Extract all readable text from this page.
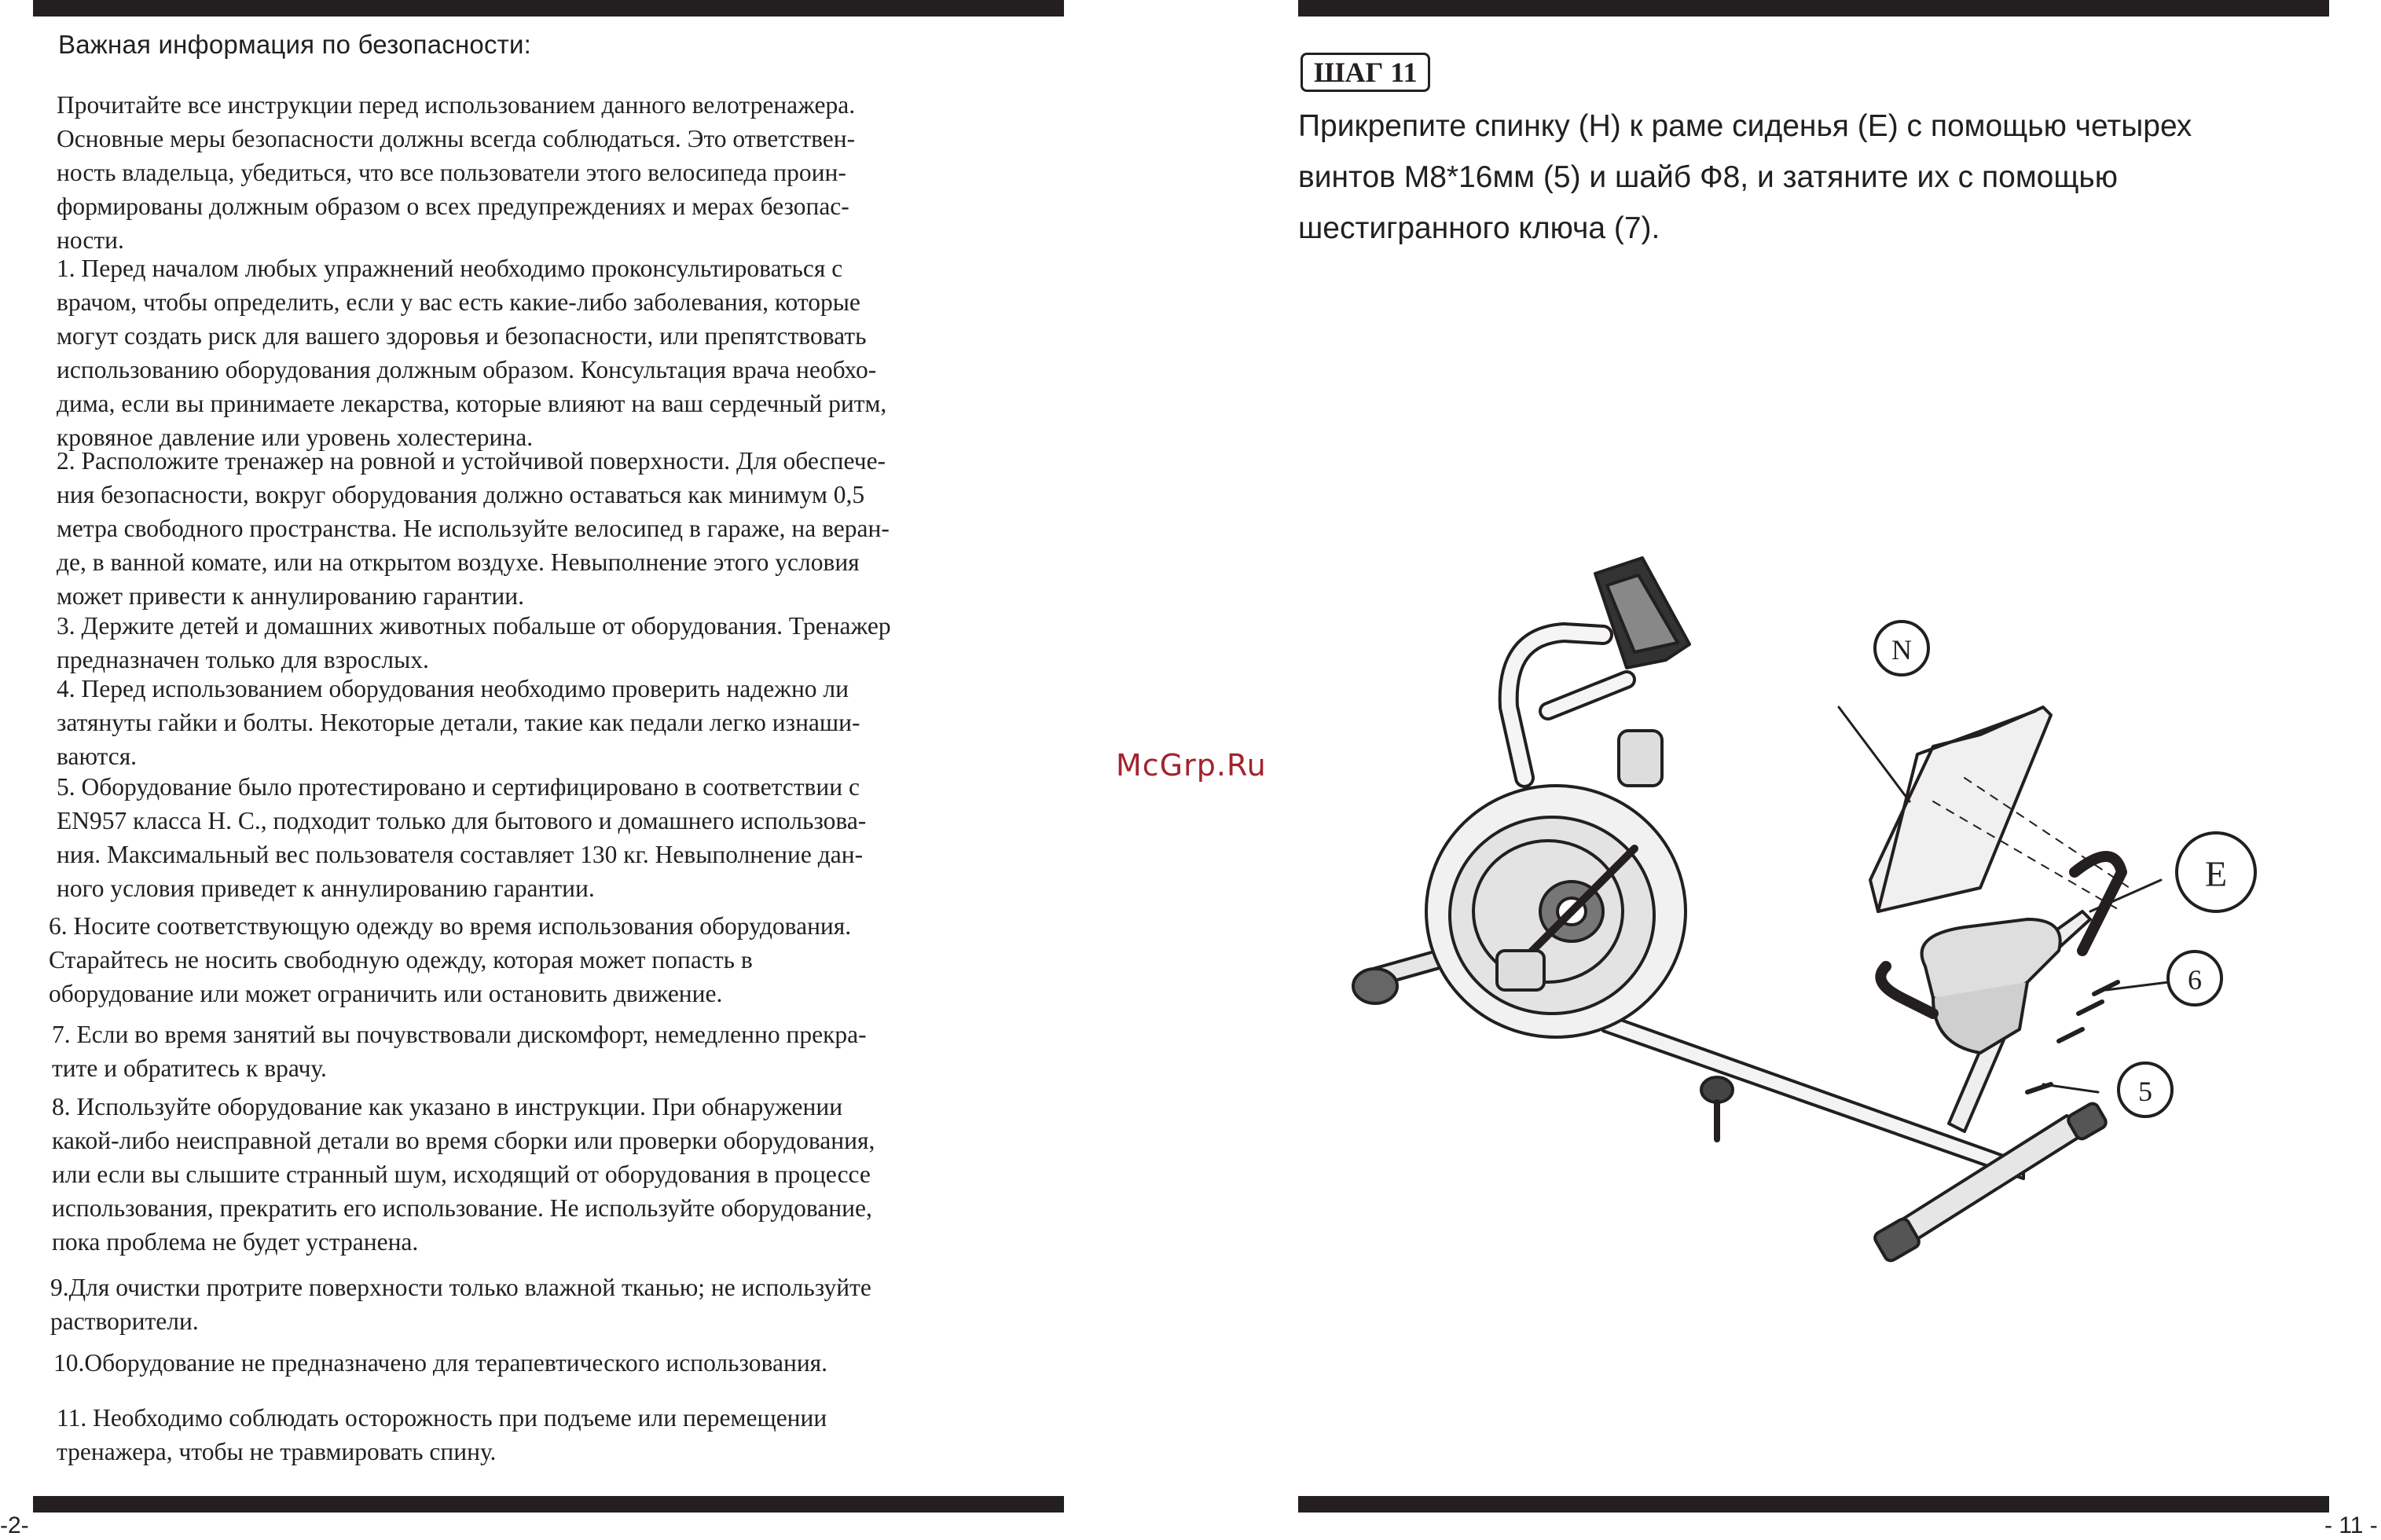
Важная информация по безопасности:

Прочитайте все инструкции перед использованием данного велотренажера.
Основные меры безопасности должны всегда соблюдаться. Это ответствен-
ность владельца, убедиться, что все пользователи этого велосипеда проин-
формированы должным образом о всех предупреждениях и мерах безопас-
ности.

1. Перед началом любых упражнений необходимо проконсультироваться с
врачом, чтобы определить, если у вас есть какие-либо заболевания, которые
могут создать риск для вашего здоровья и безопасности, или препятствовать
использованию оборудования должным образом. Консультация врача необхо-
дима, если вы принимаете лекарства, которые влияют на ваш сердечный ритм,
кровяное давление или уровень холестерина.

2. Расположите тренажер на ровной и устойчивой поверхности. Для обеспече-
ния безопасности, вокруг оборудования должно оставаться как минимум 0,5
метра свободного пространства. Не используйте велосипед в гараже, на веран-
де, в ванной комате, или на открытом воздухе. Невыполнение этого условия
может привести к аннулированию гарантии.

3. Держите детей и домашних животных побальше от оборудования. Тренажер
предназначен только для взрослых.

4. Перед использованием оборудования необходимо проверить надежно ли
затянуты гайки и болты. Некоторые детали, такие как педали легко изнаши-
ваются.

5. Оборудование было протестировано и сертифицировано в соответствии с
EN957 класса Н. С., подходит только для бытового и домашнего использова-
ния. Максимальный вес пользователя составляет 130 кг. Невыполнение дан-
ного условия приведет к аннулированию гарантии.

6. Носите соответствующую одежду во время использования оборудования.
Старайтесь не носить свободную одежду, которая может попасть в
оборудование или может ограничить или остановить движение.

7. Если во время занятий вы почувствовали дискомфорт, немедленно прекра-
тите и обратитесь к врачу.

8. Используйте оборудование как указано в инструкции. При обнаружении
какой-либо неисправной детали во время сборки или проверки оборудования,
или если вы слышите странный шум, исходящий от оборудования в процессе
использования, прекратить его использование. Не используйте оборудование,
пока проблема не будет устранена.

9.Для очистки протрите поверхности только влажной тканью; не используйте
растворители.

10.Оборудование не предназначено для терапевтического использования.

11. Необходимо соблюдать осторожность при подъеме или перемещении
тренажера, чтобы не травмировать спину.

-2-
ШАГ 11

Прикрепите спинку (Н) к раме сиденья (Е) с помощью четырех
винтов М8*16мм (5) и шайб Ф8, и затяните их с помощью
шестигранного ключа (7).

McGrp.Ru
N
E
6
5
- 11 -
